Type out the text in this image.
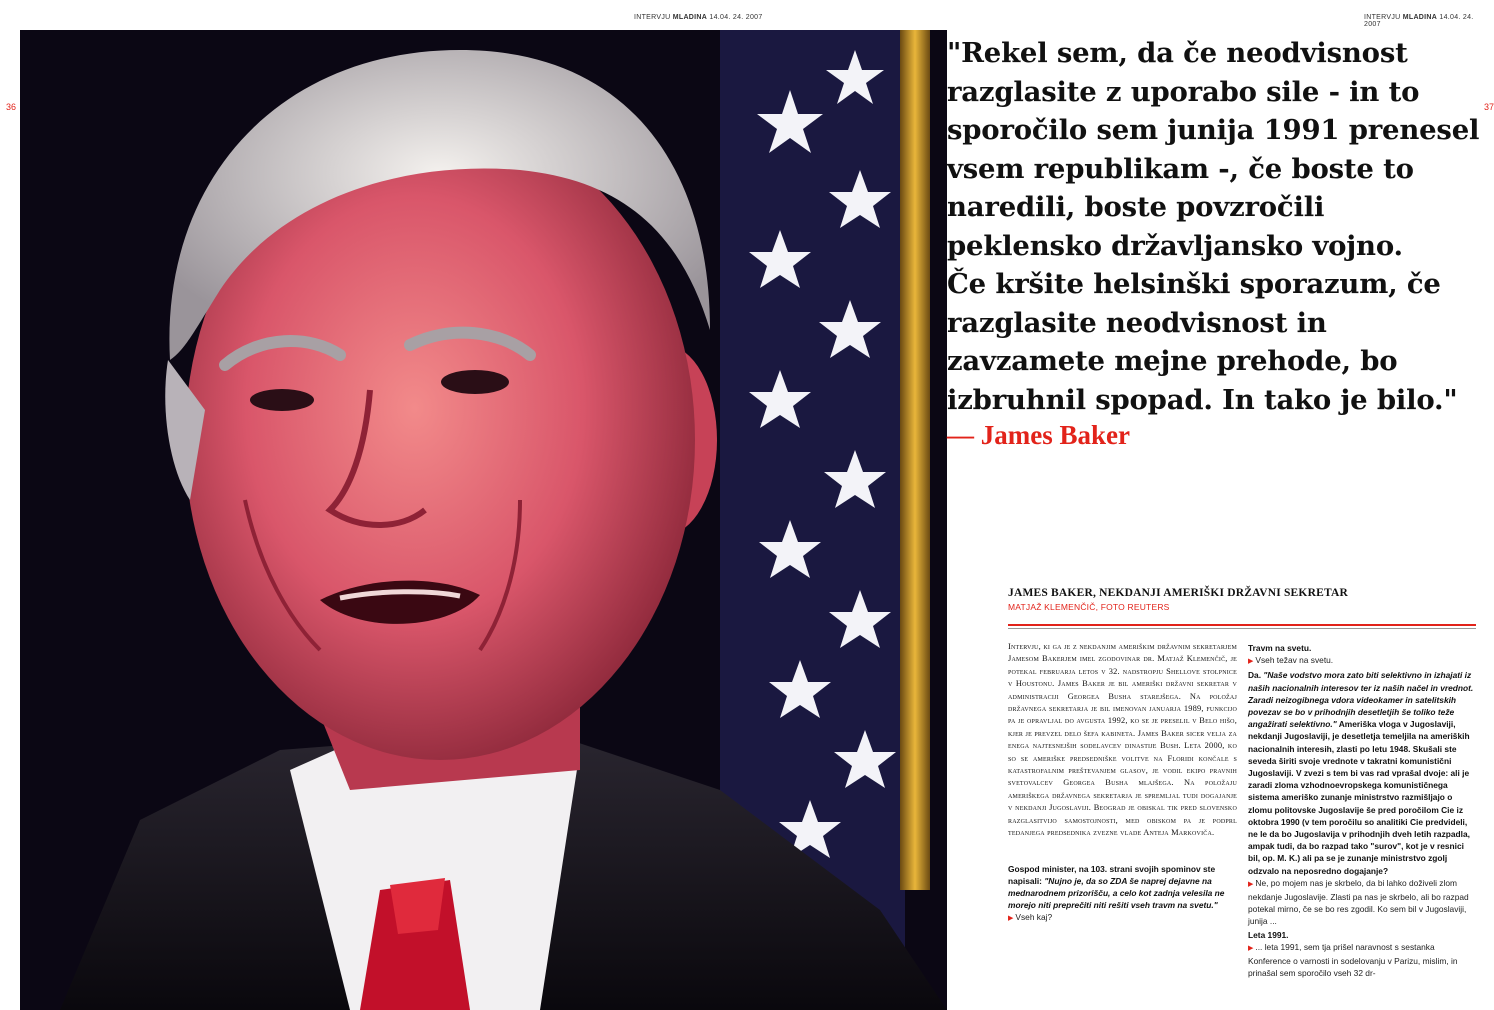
INTERVJU MLADINA 14.04. 24. 2007	INTERVJU MLADINA 14.04. 24. 2007
36	37
"Rekel sem, da če neodvisnost
razglasite z uporabo sile - in to
sporočilo sem junija 1991 prenesel
vsem republikam -, če boste to
naredili, boste povzročili
peklensko državljansko vojno.
Če kršite helsinški sporazum, če
razglasite neodvisnost in
zavzamete mejne prehode, bo
izbruhnil spopad. In tako je bilo."
— James Baker
JAMES BAKER, NEKDANJI AMERIŠKI DRŽAVNI SEKRETAR
MATJAŽ KLEMENČIČ, FOTO REUTERS

Intervju, ki ga je z nekdanjim ameriškim državnim sekretarjem Jamesom Bakerjem imel zgodovinar dr. Matjaž Klemenčič, je potekal februarja letos v 32. nadstropju Shellove stolpnice v Houstonu. James Baker je bil ameriški državni sekretar v administraciji Georgea Busha starejšega. Na položaj državnega sekretarja je bil imenovan januarja 1989, funkcijo pa je opravljal do avgusta 1992, ko se je preselil v Belo hišo, kjer je prevzel delo šefa kabineta. James Baker sicer velja za enega najtesnejših sodelavcev dinastije Bush. Leta 2000, ko so se ameriške predsedniške volitve na Floridi končale s katastrofalnim preštevanjem glasov, je vodil ekipo pravnih svetovalcev Georgea Busha mlajšega. Na položaju ameriškega državnega sekretarja je spremljal tudi dogajanje v nekdanji Jugoslaviji. Beograd je obiskal tik pred slovensko razglasitvijo samostojnosti, med obiskom pa je podprl tedanjega predsednika zvezne vlade Anteja Markoviča.

Gospod minister, na 103. strani svojih spominov ste napisali: "Nujno je, da so ZDA še naprej dejavne na mednarodnem prizorišču, a celo kot zadnja velesila ne morejo niti preprečiti niti rešiti vseh travm na svetu."

▶ Vseh kaj?

Travm na svetu.

▶ Vseh težav na svetu.

Da. "Naše vodstvo mora zato biti selektivno in izhajati iz naših nacionalnih interesov ter iz naših načel in vrednot. Zaradi neizogibnega vdora videokamer in satelitskih povezav se bo v prihodnjih desetletjih še toliko teže angažirati selektivno." Ameriška vloga v Jugoslaviji, nekdanji Jugoslaviji, je desetletja temeljila na ameriških nacionalnih interesih, zlasti po letu 1948. Skušali ste seveda širiti svoje vrednote v takratni komunistični Jugoslaviji. V zvezi s tem bi vas rad vprašal dvoje: ali je zaradi zloma vzhodnoevropskega komunističnega sistema ameriško zunanje ministrstvo razmišljajo o zlomu politovske Jugoslavije še pred poročilom Cie iz oktobra 1990 (v tem poročilu so analitiki Cie predvideli, ne le da bo Jugoslavija v prihodnjih dveh letih razpadla, ampak tudi, da bo razpad tako "surov", kot je v resnici bil, op. M. K.) ali pa se je zunanje ministrstvo zgolj odzvalo na neposredno dogajanje?

▶ Ne, po mojem nas je skrbelo, da bi lahko doživeli zlom nekdanje Jugoslavije. Zlasti pa nas je skrbelo, ali bo razpad potekal mirno, če se bo res zgodil. Ko sem bil v Jugoslaviji, junija ...

Leta 1991.

▶ ... leta 1991, sem tja prišel naravnost s sestanka Konference o varnosti in sodelovanju v Parizu, mislim, in prinašal sem sporočilo vseh 32 dr-
